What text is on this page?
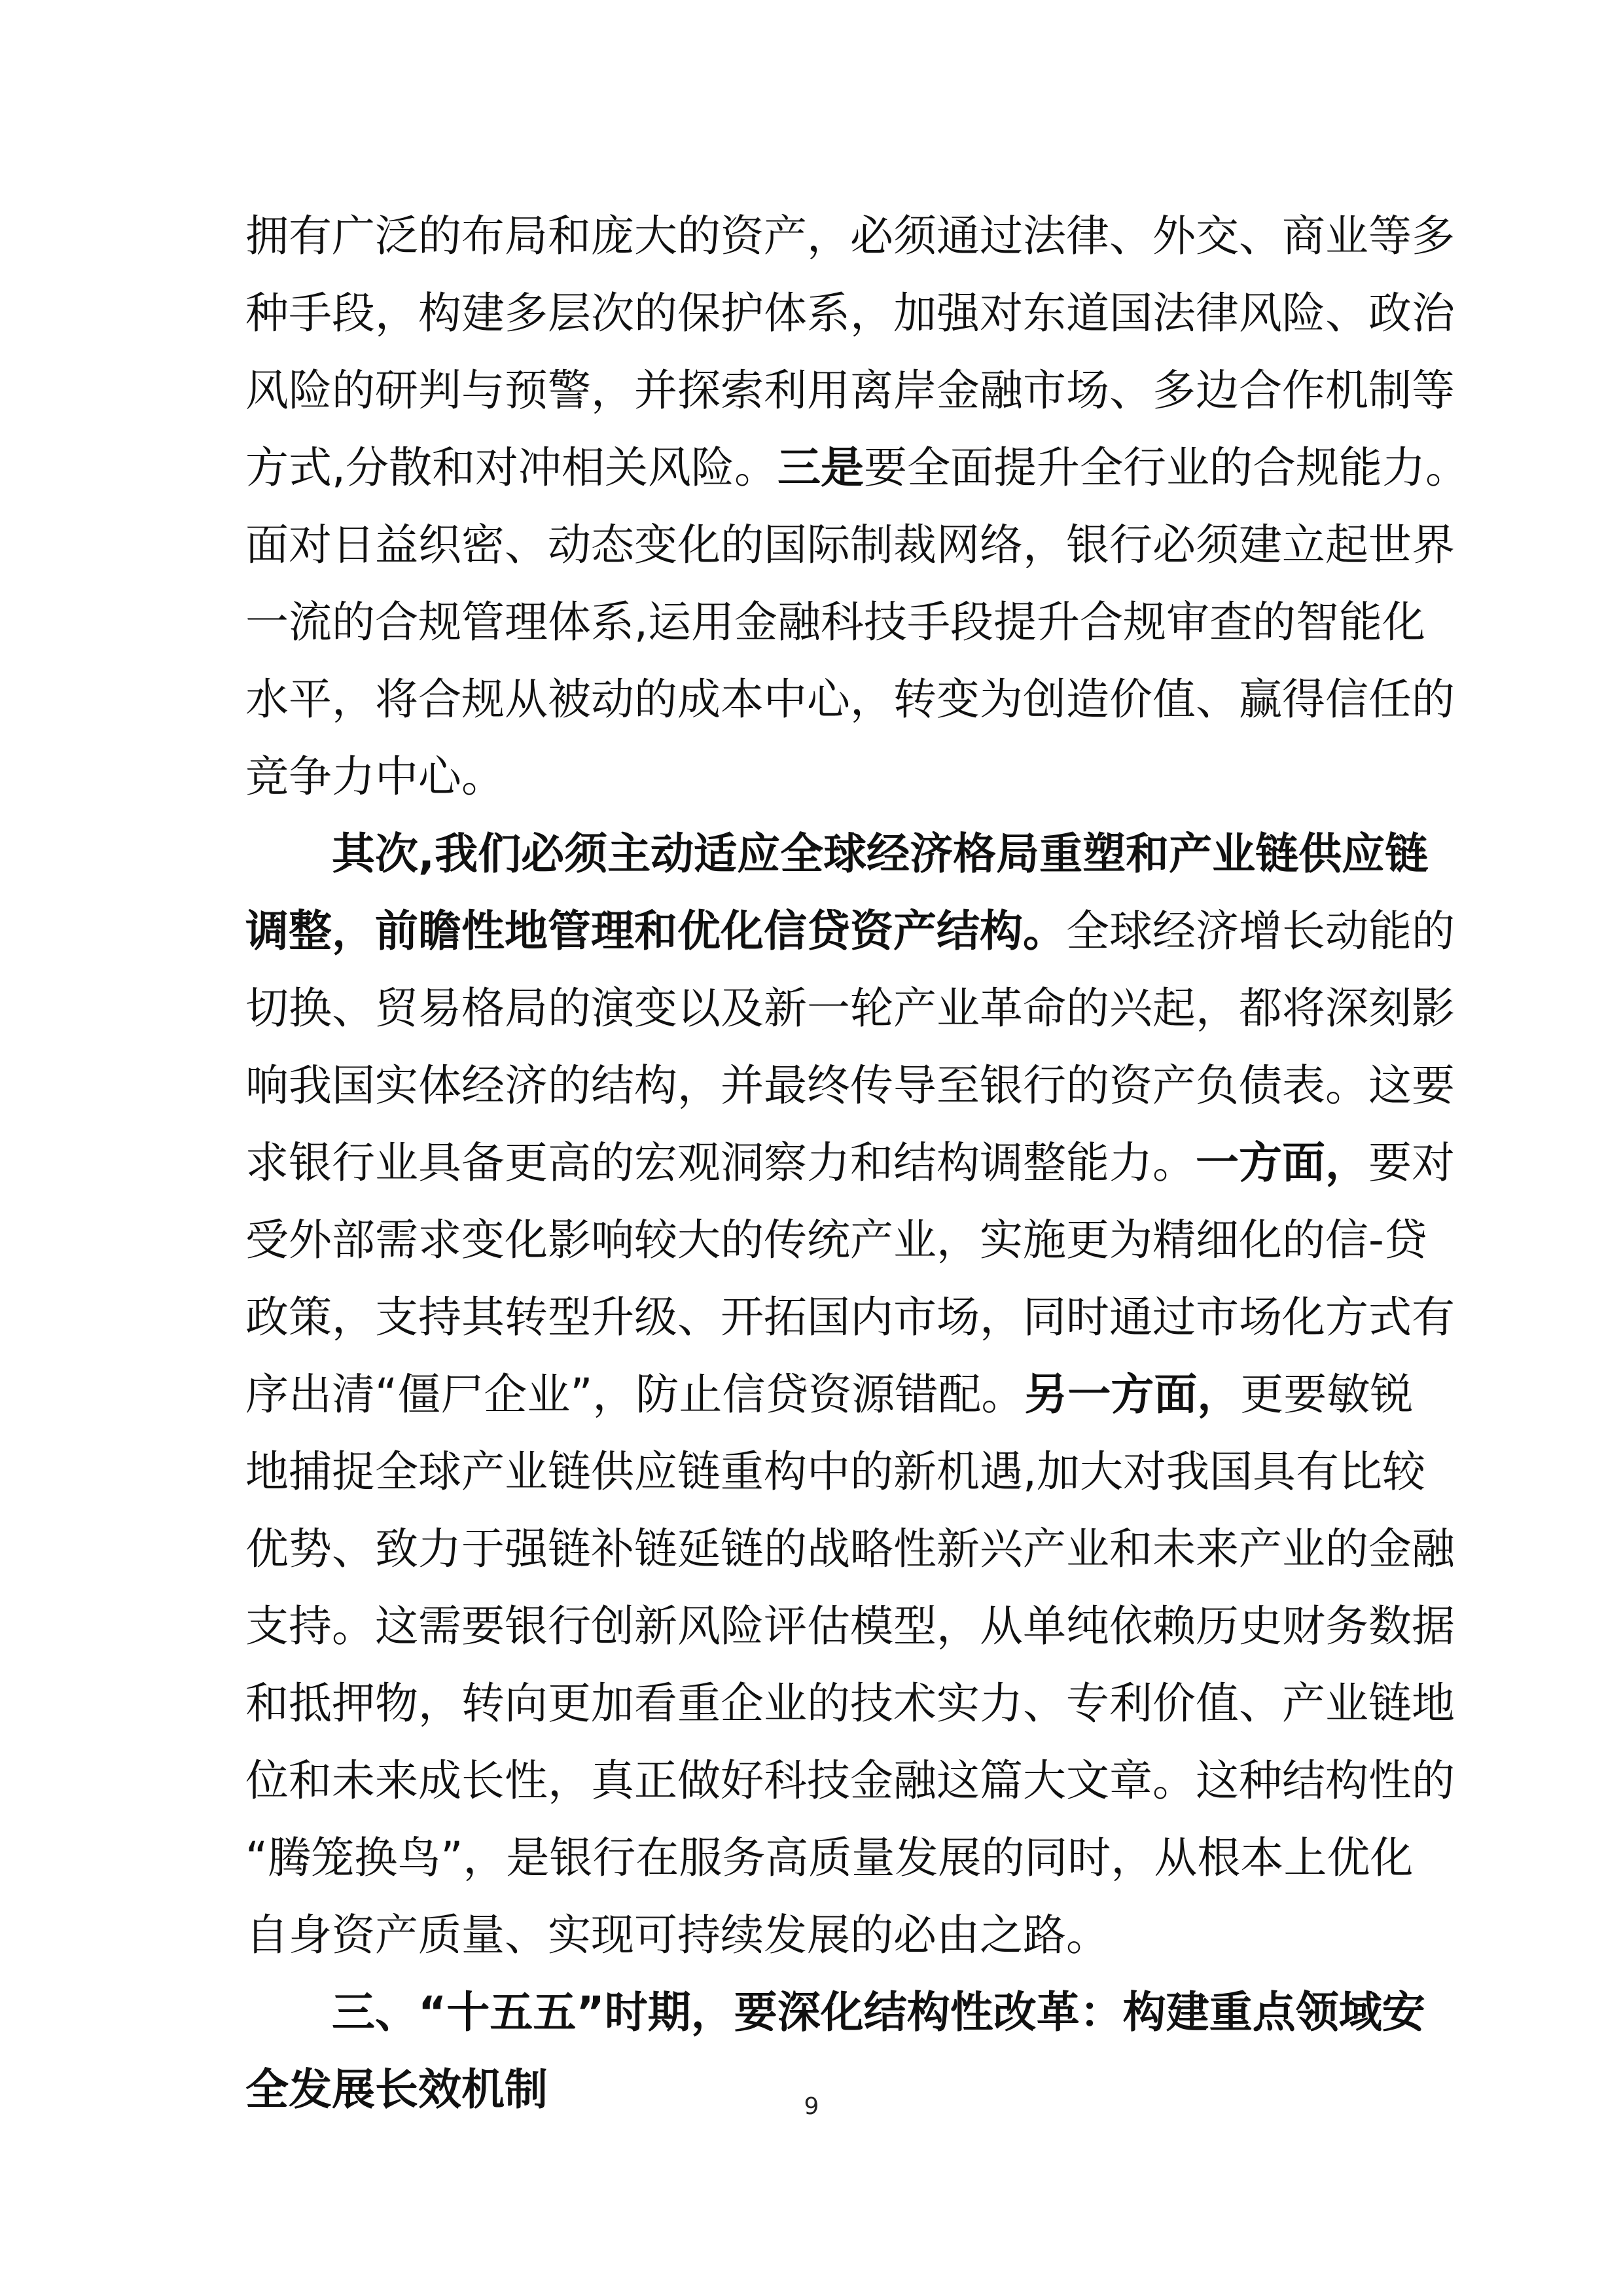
拥有广泛的布局和庞大的资产，必须通过法律、外交、商业等多
种手段，构建多层次的保护体系，加强对东道国法律风险、政治
风险的研判与预警，并探索利用离岸金融市场、多边合作机制等
方式,分散和对冲相关风险。三是要全面提升全行业的合规能力。
面对日益织密、动态变化的国际制裁网络，银行必须建立起世界
一流的合规管理体系,运用金融科技手段提升合规审查的智能化
水平，将合规从被动的成本中心，转变为创造价值、赢得信任的
竞争力中心。

其次,我们必须主动适应全球经济格局重塑和产业链供应链
调整，前瞻性地管理和优化信贷资产结构。全球经济增长动能的
切换、贸易格局的演变以及新一轮产业革命的兴起，都将深刻影
响我国实体经济的结构，并最终传导至银行的资产负债表。这要
求银行业具备更高的宏观洞察力和结构调整能力。一方面，要对
受外部需求变化影响较大的传统产业，实施更为精细化的信-贷
政策，支持其转型升级、开拓国内市场，同时通过市场化方式有
序出清“僵尸企业”，防止信贷资源错配。另一方面，更要敏锐
地捕捉全球产业链供应链重构中的新机遇,加大对我国具有比较
优势、致力于强链补链延链的战略性新兴产业和未来产业的金融
支持。这需要银行创新风险评估模型，从单纯依赖历史财务数据
和抵押物，转向更加看重企业的技术实力、专利价值、产业链地
位和未来成长性，真正做好科技金融这篇大文章。这种结构性的
“腾笼换鸟”，是银行在服务高质量发展的同时，从根本上优化
自身资产质量、实现可持续发展的必由之路。

三、“十五五”时期，要深化结构性改革：构建重点领域安
全发展长效机制	9
